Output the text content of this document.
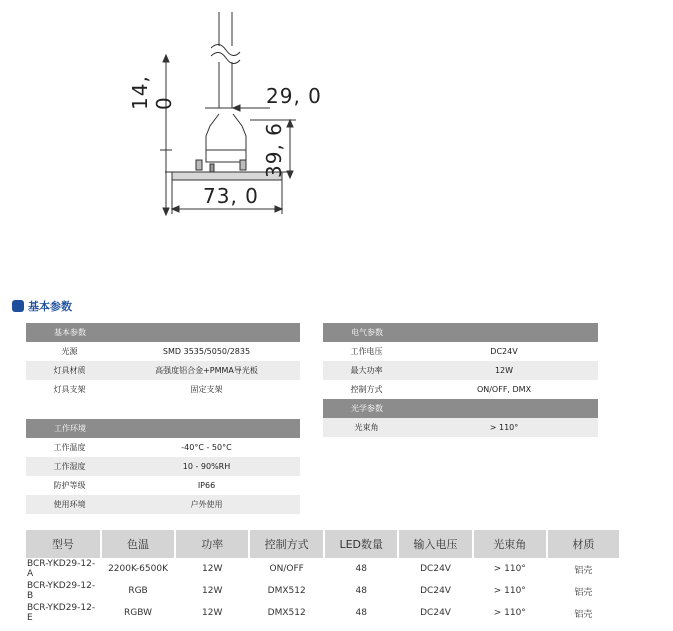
14, 0	29, 0
39, 6
73, 0
基本参数
基本参数
光源	SMD 3535/5050/2835
灯具材质	高强度铝合金+PMMA导光板
灯具支架	固定支架
工作环境
工作温度	-40°C - 50°C
工作湿度	10 - 90%RH
防护等级	IP66
使用环境	户外使用
电气参数
工作电压	DC24V
最大功率	12W
控制方式	ON/OFF, DMX
光学参数
光束角	> 110°
型号	色温	功率	控制方式	LED数量	输入电压	光束角	材质
BCR-YKD29-12-A	2200K-6500K	12W	ON/OFF	48	DC24V	> 110°	铝壳
BCR-YKD29-12-B	RGB	12W	DMX512	48	DC24V	> 110°	铝壳
BCR-YKD29-12-E	RGBW	12W	DMX512	48	DC24V	> 110°	铝壳
